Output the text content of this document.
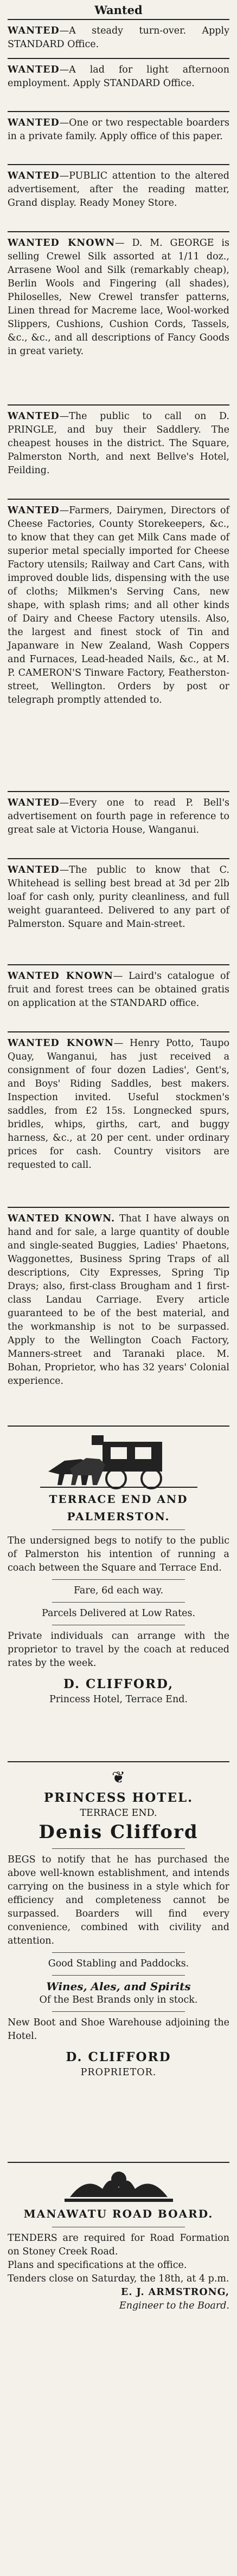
Wanted

WANTED—A steady turn-over. Apply STANDARD Office.

WANTED—A lad for light afternoon employment. Apply STANDARD Office.

WANTED—One or two respectable boarders in a private family. Apply office of this paper.

WANTED—PUBLIC attention to the altered advertisement, after the reading matter, Grand display. Ready Money Store.

WANTED KNOWN— D. M. GEORGE is selling Crewel Silk assorted at 1/11 doz., Arrasene Wool and Silk (remarkably cheap), Berlin Wools and Fingering (all shades), Philoselles, New Crewel transfer patterns, Linen thread for Macreme lace, Wool-worked Slippers, Cushions, Cushion Cords, Tassels, &c., &c., and all descriptions of Fancy Goods in great variety.

WANTED—The public to call on D. PRINGLE, and buy their Saddlery. The cheapest houses in the district. The Square, Palmerston North, and next Bellve's Hotel, Feilding.

WANTED—Farmers, Dairymen, Directors of Cheese Factories, County Storekeepers, &c., to know that they can get Milk Cans made of superior metal specially imported for Cheese Factory utensils; Railway and Cart Cans, with improved double lids, dispensing with the use of cloths; Milkmen's Serving Cans, new shape, with splash rims; and all other kinds of Dairy and Cheese Factory utensils. Also, the largest and finest stock of Tin and Japanware in New Zealand, Wash Coppers and Furnaces, Lead-headed Nails, &c., at M. P. CAMERON'S Tinware Factory, Featherston-street, Wellington. Orders by post or telegraph promptly attended to.

WANTED—Every one to read P. Bell's advertisement on fourth page in reference to great sale at Victoria House, Wanganui.

WANTED—The public to know that C. Whitehead is selling best bread at 3d per 2lb loaf for cash only, purity cleanliness, and full weight guaranteed. Delivered to any part of Palmerston. Square and Main-street.

WANTED KNOWN— Laird's catalogue of fruit and forest trees can be obtained gratis on application at the STANDARD office.

WANTED KNOWN— Henry Potto, Taupo Quay, Wanganui, has just received a consignment of four dozen Ladies', Gent's, and Boys' Riding Saddles, best makers. Inspection invited. Useful stockmen's saddles, from £2 15s. Longnecked spurs, bridles, whips, girths, cart, and buggy harness, &c., at 20 per cent. under ordinary prices for cash. Country visitors are requested to call.

WANTED KNOWN. That I have always on hand and for sale, a large quantity of double and single-seated Buggies, Ladies' Phaetons, Waggonettes, Business Spring Traps of all descriptions, City Expresses, Spring Tip Drays; also, first-class Brougham and 1 first-class Landau Carriage. Every article guaranteed to be of the best material, and the workmanship is not to be surpassed. Apply to the Wellington Coach Factory, Manners-street and Taranaki place. M. Bohan, Proprietor, who has 32 years' Colonial experience.

TERRACE END AND PALMERSTON.

The undersigned begs to notify to the public of Palmerston his intention of running a coach between the Square and Terrace End.

Fare, 6d each way.

Parcels Delivered at Low Rates.

Private individuals can arrange with the proprietor to travel by the coach at reduced rates by the week.

D. CLIFFORD,

Princess Hotel, Terrace End.

❦

PRINCESS HOTEL.

TERRACE END.

Denis Clifford

BEGS to notify that he has purchased the above well-known establishment, and intends carrying on the business in a style which for efficiency and completeness cannot be surpassed. Boarders will find every convenience, combined with civility and attention.

Good Stabling and Paddocks.

Wines, Ales, and Spirits

Of the Best Brands only in stock.

New Boot and Shoe Warehouse adjoining the Hotel.

D. CLIFFORD

PROPRIETOR.

MANAWATU ROAD BOARD.

TENDERS are required for Road Formation on Stoney Creek Road.

Plans and specifications at the office.

Tenders close on Saturday, the 18th, at 4 p.m.

E. J. ARMSTRONG,

Engineer to the Board.
